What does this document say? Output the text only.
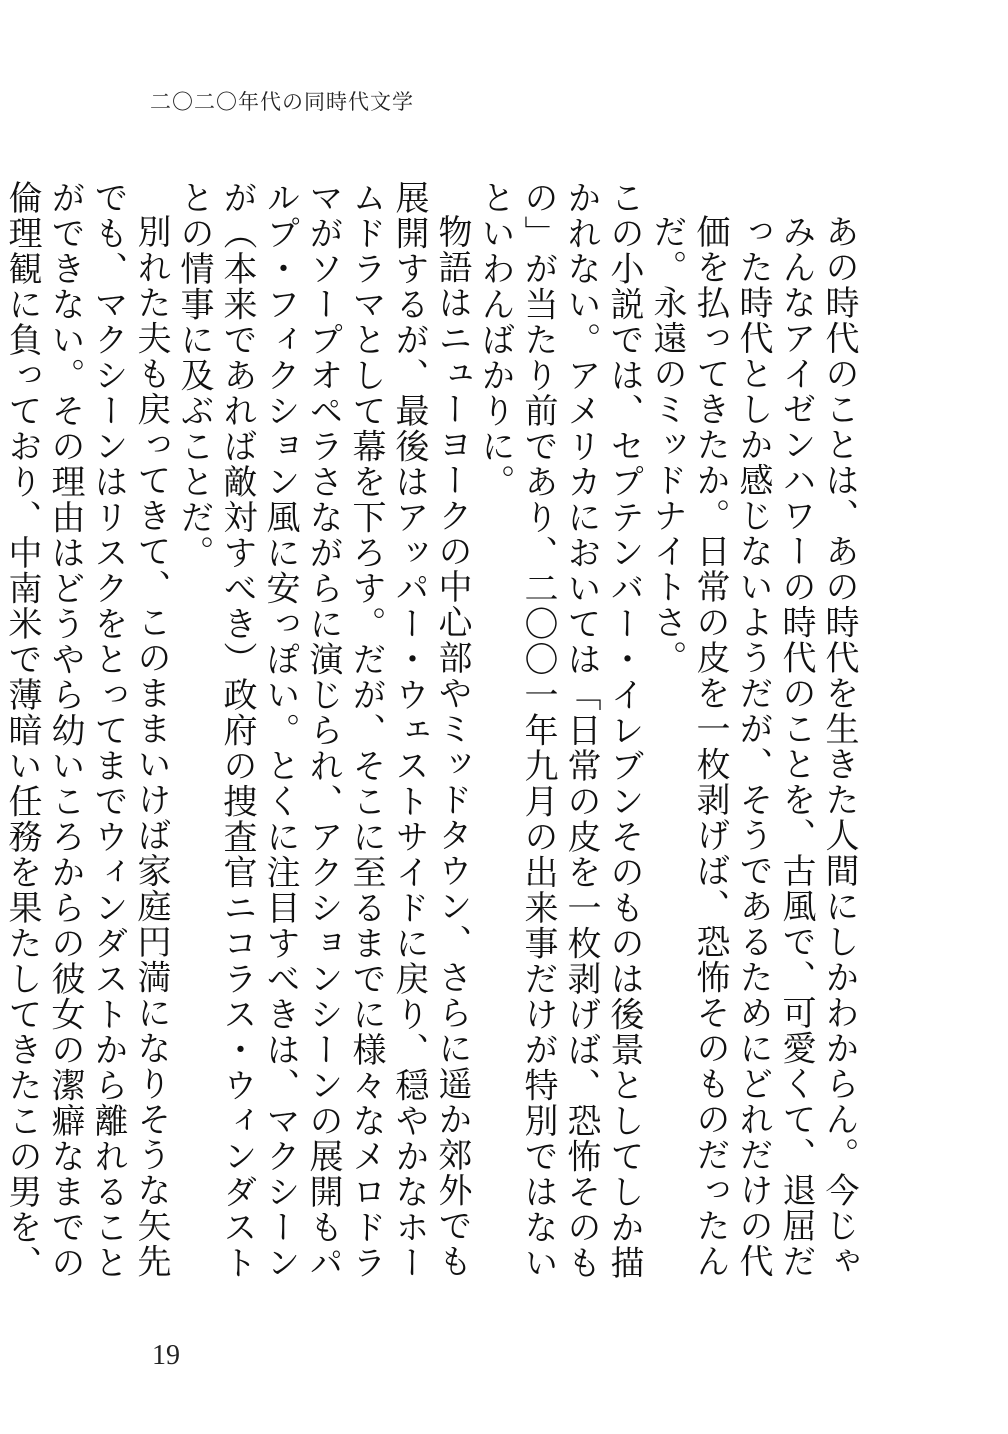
二〇二〇年代の同時代文学

あの時代のことは、あの時代を生きた人間にしかわからん。今じゃみんなアイゼンハワーの時代のことを、古風で、可愛くて、退屈だった時代としか感じないようだが、そうであるためにどれだけの代価を払ってきたか。日常の皮を一枚剥げば、恐怖そのものだったんだ。永遠のミッドナイトさ。

この小説では、セプテンバー・イレブンそのものは後景としてしか描かれない。アメリカにおいては「日常の皮を一枚剥げば、恐怖そのもの」が当たり前であり、二〇〇一年九月の出来事だけが特別ではないといわんばかりに。

物語はニューヨークの中心部やミッドタウン、さらに遥か郊外でも展開するが、最後はアッパー・ウェストサイドに戻り、穏やかなホームドラマとして幕を下ろす。だが、そこに至るまでに様々なメロドラマがソープオペラさながらに演じられ、アクションシーンの展開もパルプ・フィクション風に安っぽい。とくに注目すべきは、マクシーンが（本来であれば敵対すべき）政府の捜査官ニコラス・ウィンダストとの情事に及ぶことだ。

別れた夫も戻ってきて、このままいけば家庭円満になりそうな矢先でも、マクシーンはリスクをとってまでウィンダストから離れることができない。その理由はどうやら幼いころからの彼女の潔癖なまでの倫理観に負っており、中南米で薄暗い任務を果たしてきたこの男を、

19
